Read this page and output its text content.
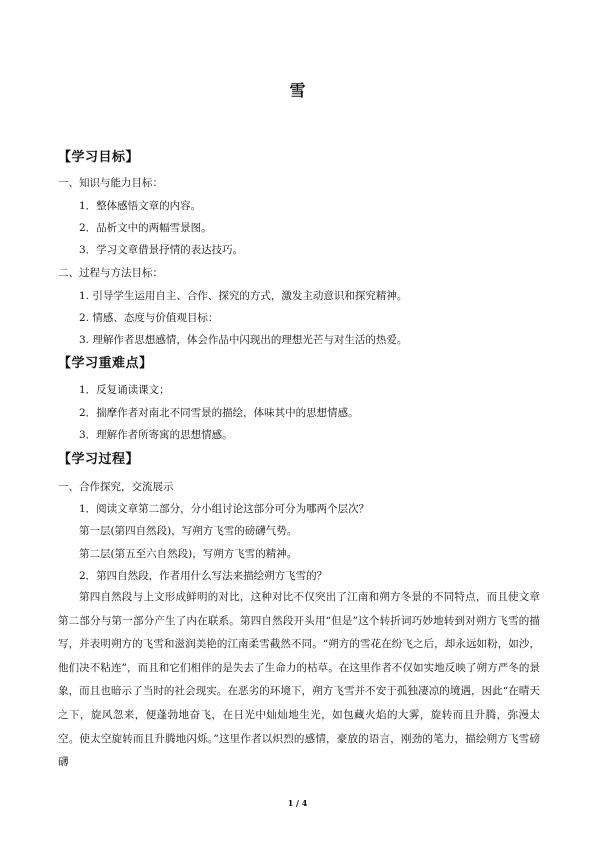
雪
【学习目标】
一、知识与能力目标：
1．整体感悟文章的内容。
2．品析文中的两幅雪景图。
3．学习文章借景抒情的表达技巧。
二、过程与方法目标：
1. 引导学生运用自主、合作、探究的方式，激发主动意识和探究精神。
2. 情感、态度与价值观目标：
3. 理解作者思想感情，体会作品中闪现出的理想光芒与对生活的热爱。
【学习重难点】
1．反复诵读课文；
2．揣摩作者对南北不同雪景的描绘，体味其中的思想情感。
3．理解作者所寄寓的思想情感。
【学习过程】
一、合作探究，交流展示
1．阅读文章第二部分，分小组讨论这部分可分为哪两个层次？
第一层(第四自然段)，写朔方飞雪的磅礴气势。
第二层(第五至六自然段)，写朔方飞雪的精神。
2．第四自然段，作者用什么写法来描绘朔方飞雪的？
第四自然段与上文形成鲜明的对比，这种对比不仅突出了江南和朔方冬景的不同特点，而且使文章第二部分与第一部分产生了内在联系。第四自然段开头用“但是”这个转折词巧妙地转到对朔方飞雪的描写，并表明朔方的飞雪和滋润美艳的江南柔雪截然不同。“朔方的雪花在纷飞之后，却永远如粉，如沙，他们决不粘连”，而且和它们相伴的是失去了生命力的枯草。在这里作者不仅如实地反映了朔方严冬的景象，而且也暗示了当时的社会现实。在恶劣的环境下，朔方飞雪并不安于孤独凄凉的境遇，因此“在晴天之下，旋风忽来，便蓬勃地奋飞，在日光中灿灿地生光，如包藏火焰的大雾，旋转而且升腾，弥漫太空。使太空旋转而且升腾地闪烁。”这里作者以炽烈的感情，豪放的语言，刚劲的笔力，描绘朔方飞雪磅礴
1 / 4
